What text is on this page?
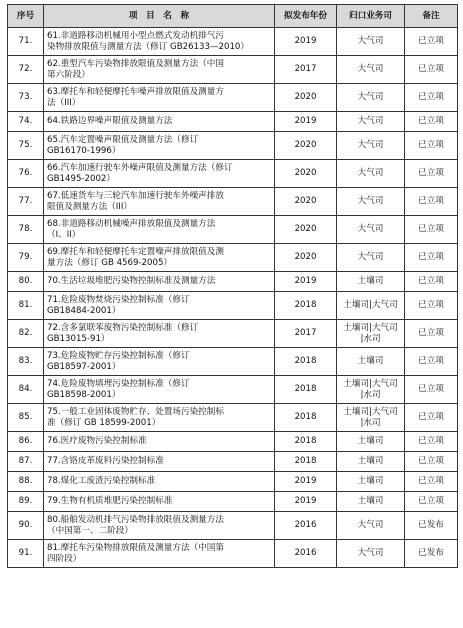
序号	项　目　名　称	拟发布年份	归口业务司	备注
71.	61.非道路移动机械用小型点燃式发动机排气污
染物排放限值与测量方法（修订 GB26133—2010）	2019	大气司	已立项
72.	62.重型汽车污染物排放限值及测量方法（中国
第六阶段）	2017	大气司	已立项
73.	63.摩托车和轻便摩托车噪声排放限值及测量方
法（III）	2020	大气司	已立项
74.	64.铁路边界噪声限值及测量方法	2019	大气司	已立项
75.	65.汽车定置噪声限值及测量方法（修订
GB16170-1996）	2020	大气司	已立项
76.	66.汽车加速行驶车外噪声限值及测量方法（修订
GB1495-2002）	2020	大气司	已立项
77.	67.低速货车与三轮汽车加速行驶车外噪声排放
限值及测量方法（III）	2020	大气司	已立项
78.	68.非道路移动机械噪声排放限值及测量方法
（I、II）	2020	大气司	已立项
79.	69.摩托车和轻便摩托车定置噪声排放限值及测
量方法（修订 GB 4569-2005）	2020	大气司	已立项
80.	70.生活垃圾堆肥污染物控制标准及测量方法	2019	土壤司	已立项
81.	71.危险废物焚烧污染控制标准（修订
GB18484-2001）	2018	土壤司|大气司	已立项
82.	72.含多氯联苯废物污染控制标准（修订
GB13015-91）	2017	土壤司|大气司
|水司	已立项
83.	73.危险废物贮存污染控制标准（修订
GB18597-2001）	2018	土壤司	已立项
84.	74.危险废物填埋污染控制标准（修订
GB18598-2001）	2018	土壤司|大气司
|水司	已立项
85.	75.一般工业固体废物贮存、处置场污染控制标
准（修订 GB 18599-2001）	2018	土壤司|大气司
|水司	已立项
86.	76.医疗废物污染控制标准	2018	土壤司	已立项
87.	77.含铬皮革废料污染控制标准	2018	土壤司	已立项
88.	78.煤化工废渣污染控制标准	2019	土壤司	已立项
89.	79.生物有机质堆肥污染控制标准	2019	土壤司	已立项
90.	80.船舶发动机排气污染物排放限值及测量方法
（中国第一、二阶段）	2016	大气司	已发布
91.	81.摩托车污染物排放限值及测量方法（中国第
四阶段）	2016	大气司	已发布
